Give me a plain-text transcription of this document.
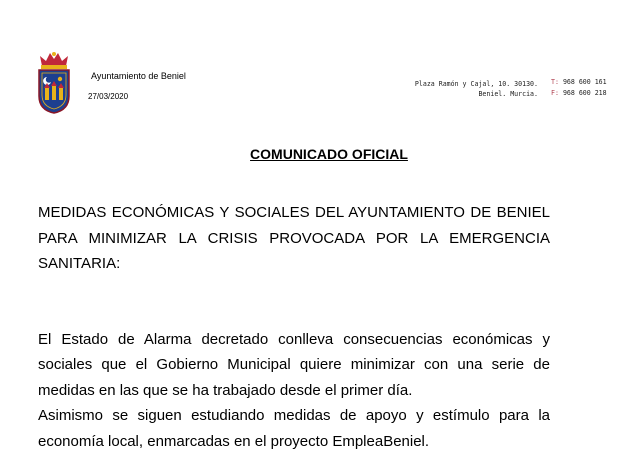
Ayuntamiento de Beniel
27/03/2020
Plaza Ramón y Cajal, 10. 30130.
Beniel. Murcia.
T: 968 600 161
F: 968 600 218
COMUNICADO OFICIAL

MEDIDAS ECONÓMICAS Y SOCIALES DEL AYUNTAMIENTO DE BENIEL PARA MINIMIZAR LA CRISIS PROVOCADA POR LA EMERGENCIA SANITARIA:

El Estado de Alarma decretado conlleva consecuencias económicas y sociales que el Gobierno Municipal quiere minimizar con una serie de medidas en las que se ha trabajado desde el primer día.

Asimismo se siguen estudiando medidas de apoyo y estímulo para la economía local, enmarcadas en el proyecto EmpleaBeniel.
